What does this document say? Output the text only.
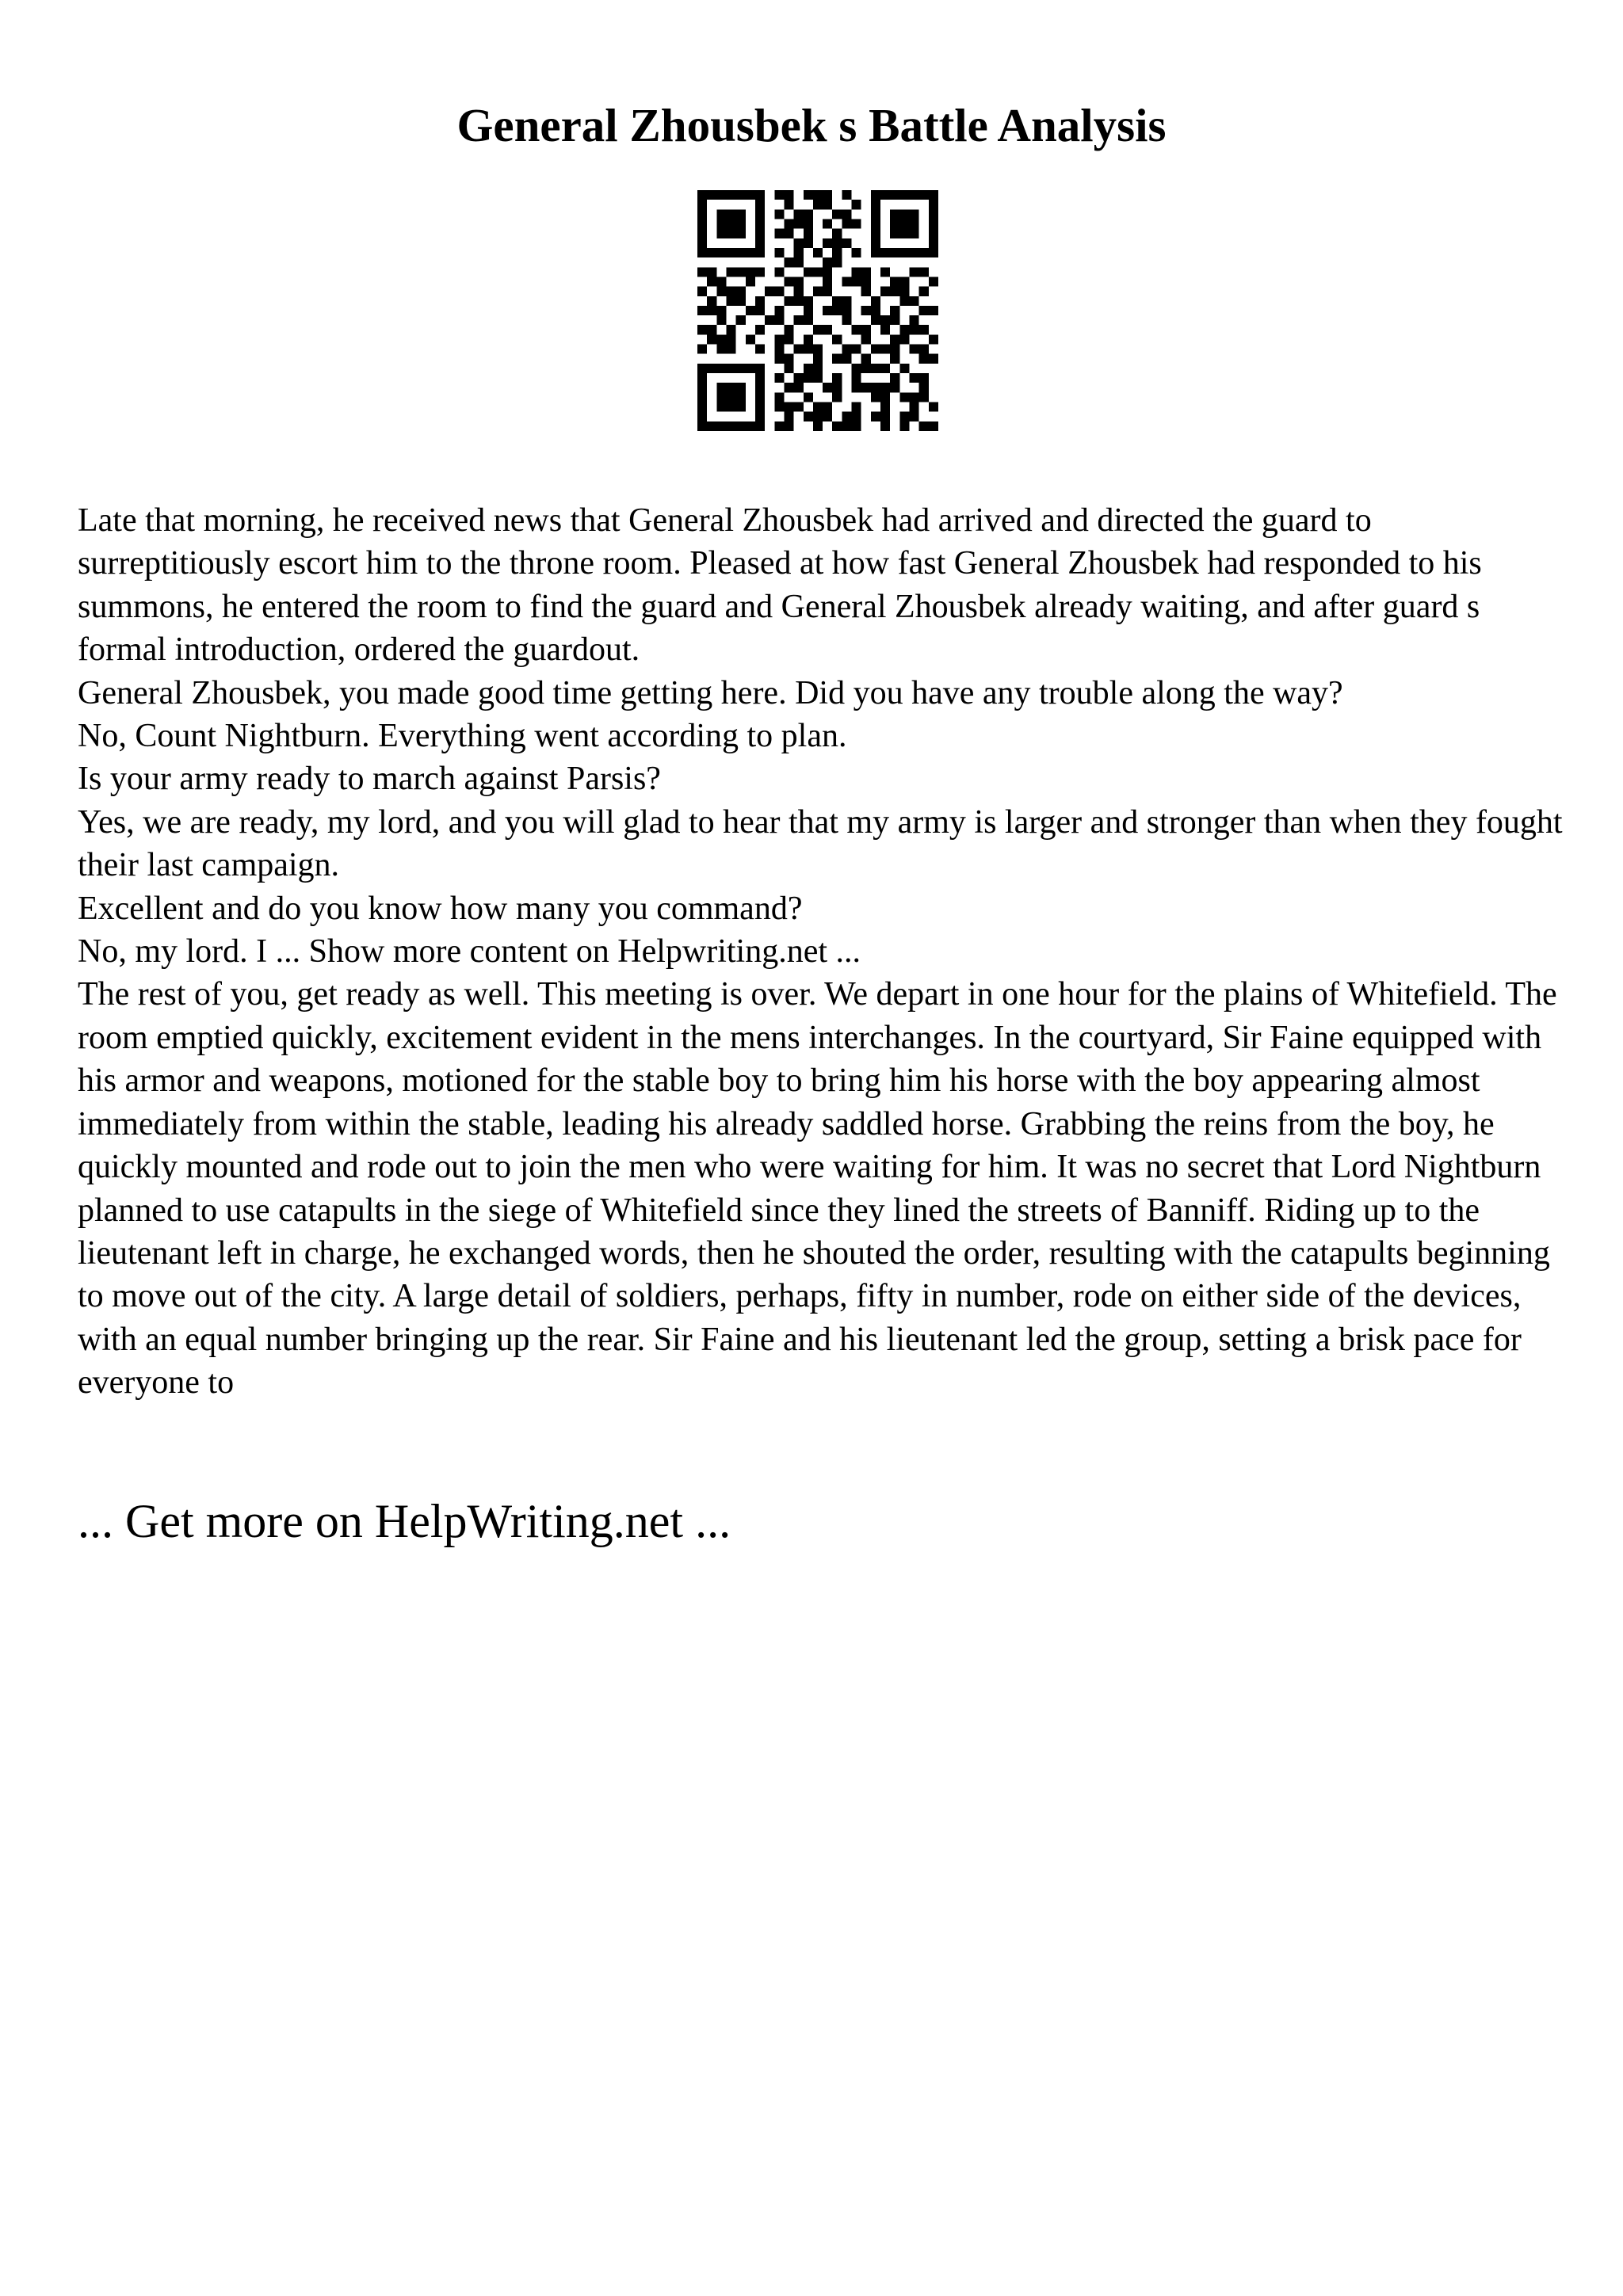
General Zhousbek s Battle Analysis

Late that morning, he received news that General Zhousbek had arrived and directed the guard to surreptitiously escort him to the throne room. Pleased at how fast General Zhousbek had responded to his summons, he entered the room to find the guard and General Zhousbek already waiting, and after guard s formal introduction, ordered the guardout.

General Zhousbek, you made good time getting here. Did you have any trouble along the way?

No, Count Nightburn. Everything went according to plan.

Is your army ready to march against Parsis?

Yes, we are ready, my lord, and you will glad to hear that my army is larger and stronger than when they fought their last campaign.

Excellent and do you know how many you command?

No, my lord. I ... Show more content on Helpwriting.net ...

The rest of you, get ready as well. This meeting is over. We depart in one hour for the plains of Whitefield. The room emptied quickly, excitement evident in the mens interchanges. In the courtyard, Sir Faine equipped with his armor and weapons, motioned for the stable boy to bring him his horse with the boy appearing almost immediately from within the stable, leading his already saddled horse. Grabbing the reins from the boy, he quickly mounted and rode out to join the men who were waiting for him. It was no secret that Lord Nightburn planned to use catapults in the siege of Whitefield since they lined the streets of Banniff. Riding up to the lieutenant left in charge, he exchanged words, then he shouted the order, resulting with the catapults beginning to move out of the city. A large detail of soldiers, perhaps, fifty in number, rode on either side of the devices, with an equal number bringing up the rear. Sir Faine and his lieutenant led the group, setting a brisk pace for everyone to

... Get more on HelpWriting.net ...
